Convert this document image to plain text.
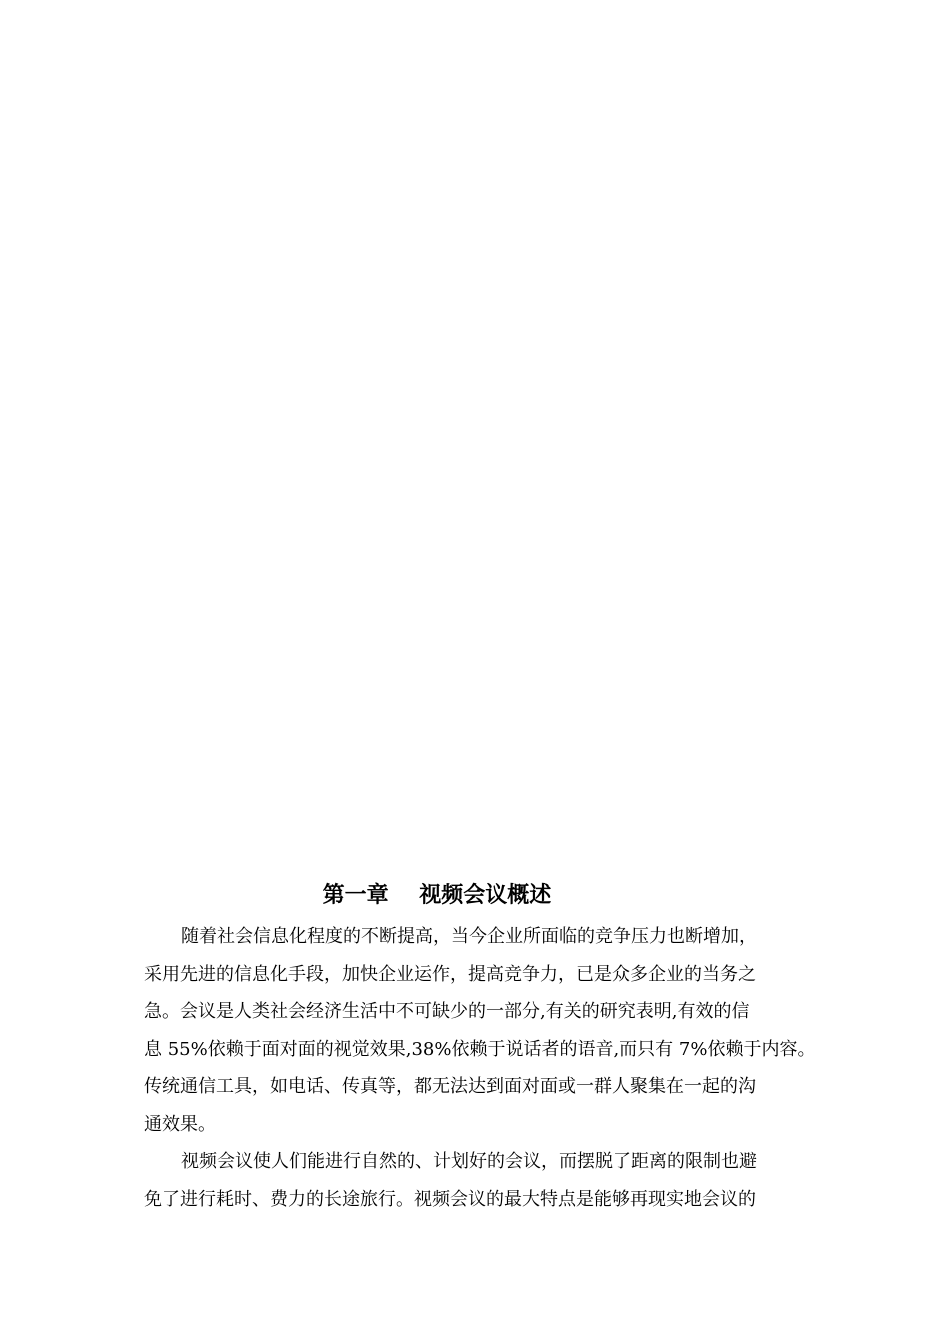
第一章    视频会议概述
随着社会信息化程度的不断提高，当今企业所面临的竞争压力也断增加，
采用先进的信息化手段，加快企业运作，提高竞争力，已是众多企业的当务之
急。会议是人类社会经济生活中不可缺少的一部分,有关的研究表明,有效的信
息 55%依赖于面对面的视觉效果,38%依赖于说话者的语音,而只有 7%依赖于内容。
传统通信工具，如电话、传真等，都无法达到面对面或一群人聚集在一起的沟
通效果。
视频会议使人们能进行自然的、计划好的会议，而摆脱了距离的限制也避
免了进行耗时、费力的长途旅行。视频会议的最大特点是能够再现实地会议的
